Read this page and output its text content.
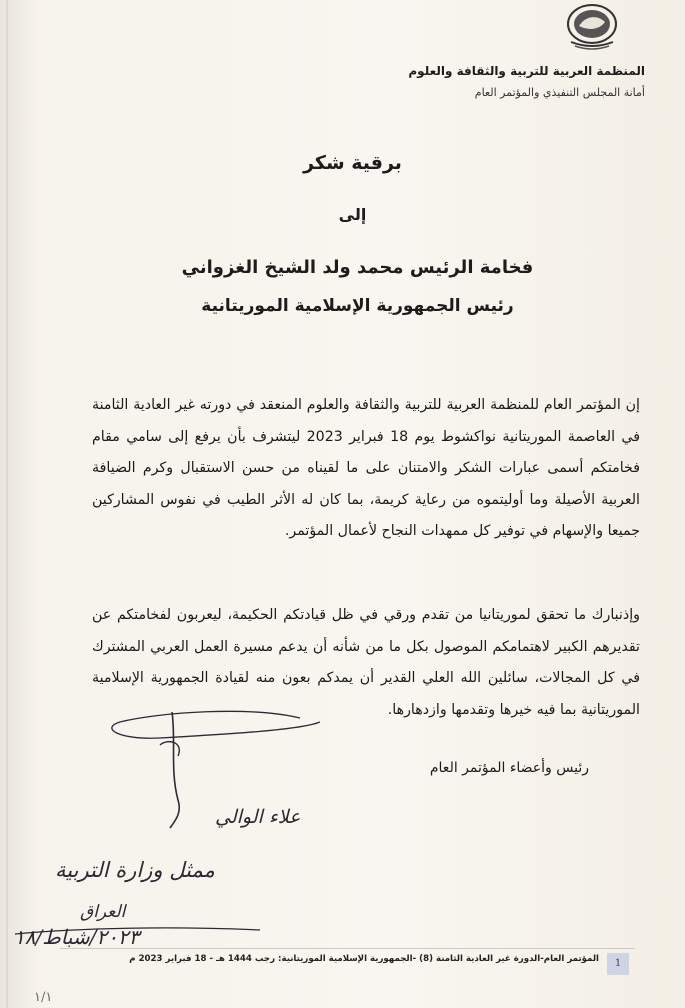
المنظمة العربية للتربية والثقافة والعلوم
أمانة المجلس التنفيذي والمؤتمر العام
برقية شكر
إلى
فخامة الرئيس محمد ولد الشيخ الغزواني
رئيس الجمهورية الإسلامية الموريتانية
إن المؤتمر العام للمنظمة العربية للتربية والثقافة والعلوم المنعقد في دورته غير العادية الثامنة في العاصمة الموريتانية نواكشوط يوم 18 فبراير 2023 ليتشرف بأن يرفع إلى سامي مقام فخامتكم أسمى عبارات الشكر والامتنان على ما لقيناه من حسن الاستقبال وكرم الضيافة العربية الأصيلة وما أوليتموه من رعاية كريمة، بما كان له الأثر الطيب في نفوس المشاركين جميعا والإسهام في توفير كل ممهدات النجاح لأعمال المؤتمر.
وإذنبارك ما تحقق لموريتانيا من تقدم ورقي في ظل قيادتكم الحكيمة، ليعربون لفخامتكم عن تقديرهم الكبير لاهتمامكم الموصول بكل ما من شأنه أن يدعم مسيرة العمل العربي المشترك في كل المجالات، سائلين الله العلي القدير أن يمدكم بعون منه لقيادة الجمهورية الإسلامية الموريتانية بما فيه خيرها وتقدمها وازدهارها.
رئيس وأعضاء المؤتمر العام
علاء الوالي
ممثل وزارة التربية
العراق
٢٠٢٣/شباط/١٨
المؤتمر العام-الدورة غير العادية الثامنة (8) -الجمهورية الإسلامية الموريتانية: رجب 1444 هـ - 18 فبراير 2023 م	1
١/١
